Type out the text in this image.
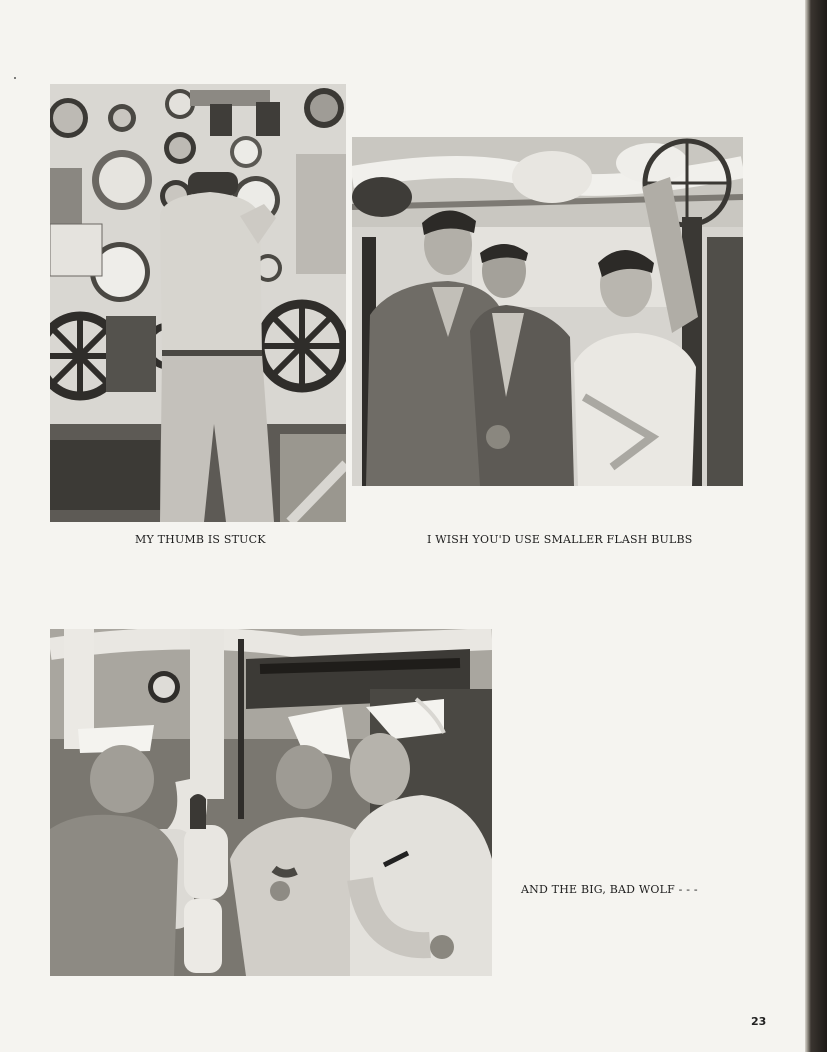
MY THUMB IS STUCK	I WISH YOU'D USE SMALLER FLASH BULBS
AND THE BIG, BAD WOLF - - -
23
